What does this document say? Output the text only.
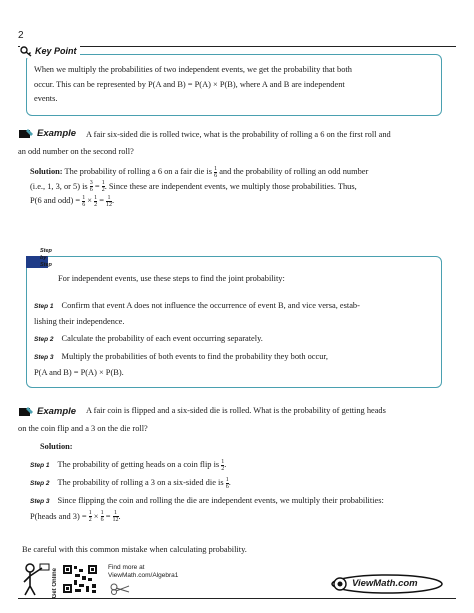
2
Key Point
When we multiply the probabilities of two independent events, we get the probability that both
occur. This can be represented by P(A and B) = P(A) × P(B), where A and B are independent
events.
Example A fair six-sided die is rolled twice, what is the probability of rolling a 6 on the first roll and
an odd number on the second roll?
Solution: The probability of rolling a 6 on a fair die is $\frac{1}{6}$ and the probability of rolling an odd number
(i.e., 1, 3, or 5) is $\frac{3}{6} = \frac{1}{2}$ . Since these are independent events, we multiply those probabilities. Thus,
P(6 and $odd) = \frac{1}{6} \times \frac{1}{2} = \frac{1}{12}$ .
Step
by
Step
For independent events, use these steps to find the joint probability:
Step 1 Confirm that event A does not influence the occurrence of event B, and vice versa, estab-
lishing their independence.
Step 2 Calculate the probability of each event occurring separately.
Step 3 Multiply the probabilities of both events to find the probability they both occur,
P(A and B) = P(A) × P(B).
Example A fair coin is flipped and a six-sided die is rolled. What is the probability of getting heads
on the coin flip and a 3 on the die roll?
Solution:
Step 1 The probability of getting heads on a coin flip is $\frac{1}{2}$ .
Step 2 The probability of rolling a 3 on a six-sided die is $\frac{1}{6}$ .
Step 3 Since flipping the coin and rolling the die are independent events, we multiply their probabilities:
P(heads and $3) = \frac{1}{2} \times \frac{1}{6} = \frac{1}{12}$ .
Be careful with this common mistake when calculating probability.
Get Online
Find more at
ViewMath.com/Algebra1
ViewMath.com
